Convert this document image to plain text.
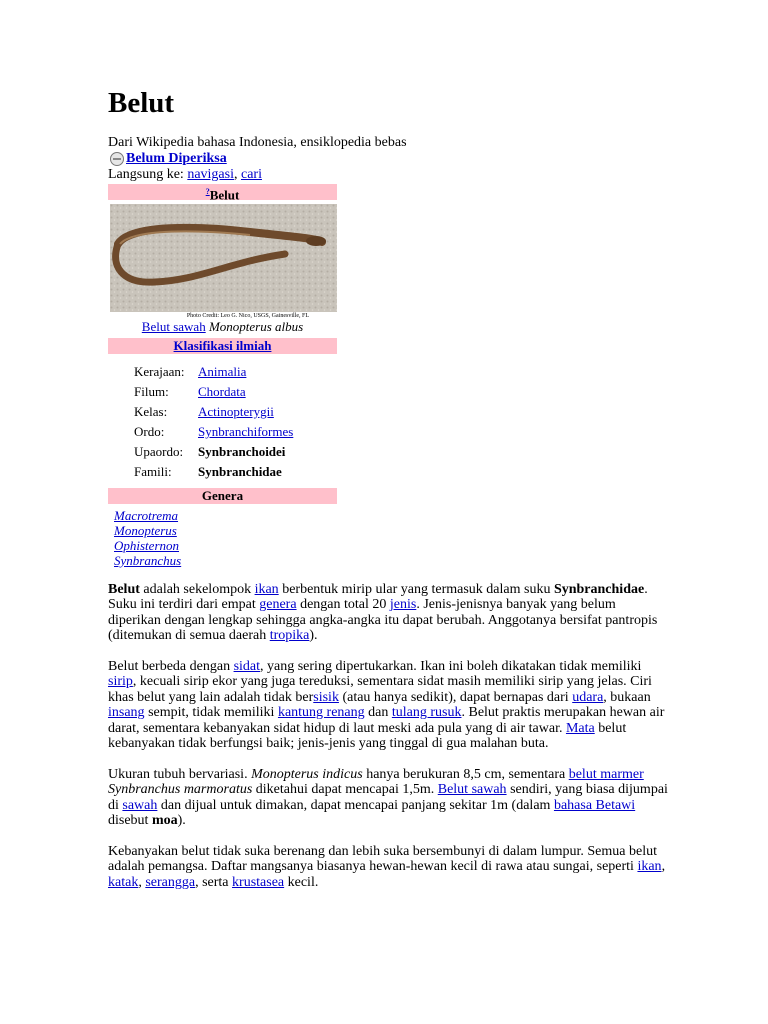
Belut
Dari Wikipedia bahasa Indonesia, ensiklopedia bebas
Belum Diperiksa
Langsung ke: navigasi, cari
?Belut
Photo Credit: Leo G. Nico, USGS, Gainesville, FL
Belut sawah Monopterus albus
Klasifikasi ilmiah
Kerajaan:	Animalia
Filum:	Chordata
Kelas:	Actinopterygii
Ordo:	Synbranchiformes
Upaordo:	Synbranchoidei
Famili:	Synbranchidae
Genera
Macrotrema
Monopterus
Ophisternon
Synbranchus

Belut adalah sekelompok ikan berbentuk mirip ular yang termasuk dalam suku Synbranchidae. Suku ini terdiri dari empat genera dengan total 20 jenis. Jenis-jenisnya banyak yang belum diperikan dengan lengkap sehingga angka-angka itu dapat berubah. Anggotanya bersifat pantropis (ditemukan di semua daerah tropika).

Belut berbeda dengan sidat, yang sering dipertukarkan. Ikan ini boleh dikatakan tidak memiliki sirip, kecuali sirip ekor yang juga tereduksi, sementara sidat masih memiliki sirip yang jelas. Ciri khas belut yang lain adalah tidak bersisik (atau hanya sedikit), dapat bernapas dari udara, bukaan insang sempit, tidak memiliki kantung renang dan tulang rusuk. Belut praktis merupakan hewan air darat, sementara kebanyakan sidat hidup di laut meski ada pula yang di air tawar. Mata belut kebanyakan tidak berfungsi baik; jenis-jenis yang tinggal di gua malahan buta.

Ukuran tubuh bervariasi. Monopterus indicus hanya berukuran 8,5 cm, sementara belut marmer Synbranchus marmoratus diketahui dapat mencapai 1,5m. Belut sawah sendiri, yang biasa dijumpai di sawah dan dijual untuk dimakan, dapat mencapai panjang sekitar 1m (dalam bahasa Betawi disebut moa).

Kebanyakan belut tidak suka berenang dan lebih suka bersembunyi di dalam lumpur. Semua belut adalah pemangsa. Daftar mangsanya biasanya hewan-hewan kecil di rawa atau sungai, seperti ikan, katak, serangga, serta krustasea kecil.
